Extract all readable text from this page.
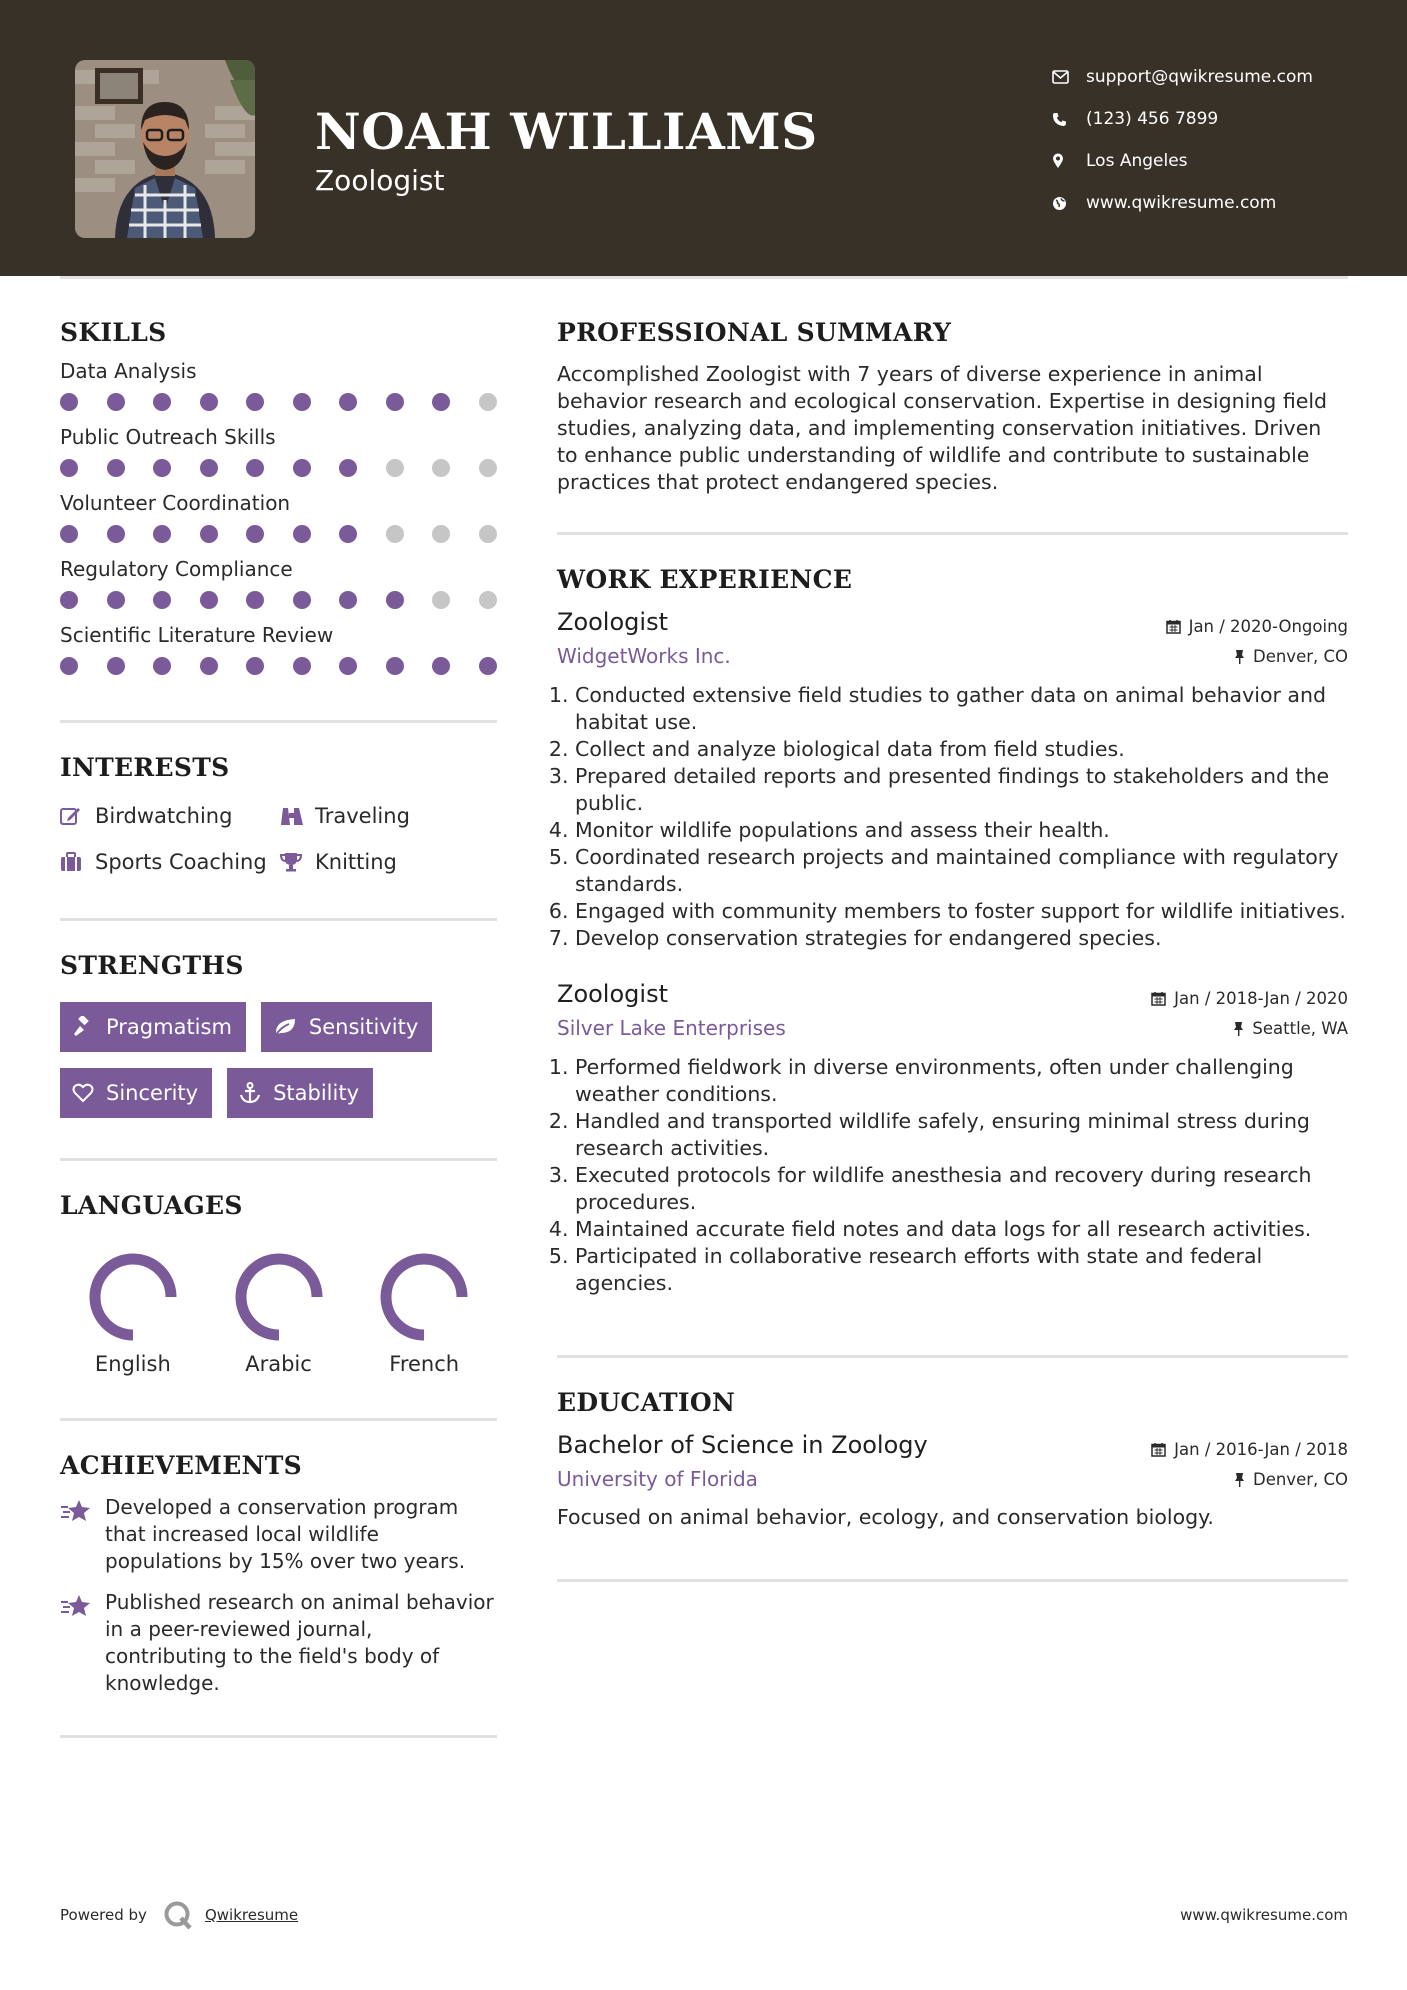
NOAH WILLIAMS
Zoologist
support@qwikresume.com
(123) 456 7899
Los Angeles
www.qwikresume.com
SKILLS
Data Analysis
Public Outreach Skills
Volunteer Coordination
Regulatory Compliance
Scientific Literature Review
INTERESTS
Birdwatching	Traveling
Sports Coaching Knitting
STRENGTHS
Pragmatism	Sensitivity
Sincerity	Stability
LANGUAGES
English	Arabic	French
ACHIEVEMENTS
Developed a conservation program that increased local wildlife populations by 15% over two years.
Published research on animal behavior in a peer-reviewed journal, contributing to the field's body of knowledge.
PROFESSIONAL SUMMARY
Accomplished Zoologist with 7 years of diverse experience in animal behavior research and ecological conservation. Expertise in designing field studies, analyzing data, and implementing conservation initiatives. Driven to enhance public understanding of wildlife and contribute to sustainable practices that protect endangered species.
WORK EXPERIENCE
Zoologist	Jan / 2020-Ongoing
WidgetWorks Inc.	Denver, CO
1. Conducted extensive field studies to gather data on animal behavior and habitat use.
2. Collect and analyze biological data from field studies.
3. Prepared detailed reports and presented findings to stakeholders and the public.
4. Monitor wildlife populations and assess their health.
5. Coordinated research projects and maintained compliance with regulatory standards.
6. Engaged with community members to foster support for wildlife initiatives.
7. Develop conservation strategies for endangered species.
Zoologist	Jan / 2018-Jan / 2020
Silver Lake Enterprises	Seattle, WA
1. Performed fieldwork in diverse environments, often under challenging weather conditions.
2. Handled and transported wildlife safely, ensuring minimal stress during research activities.
3. Executed protocols for wildlife anesthesia and recovery during research procedures.
4. Maintained accurate field notes and data logs for all research activities.
5. Participated in collaborative research efforts with state and federal agencies.
EDUCATION
Bachelor of Science in Zoology	Jan / 2016-Jan / 2018
University of Florida	Denver, CO
Focused on animal behavior, ecology, and conservation biology.
Powered by	Qwikresume	www.qwikresume.com
